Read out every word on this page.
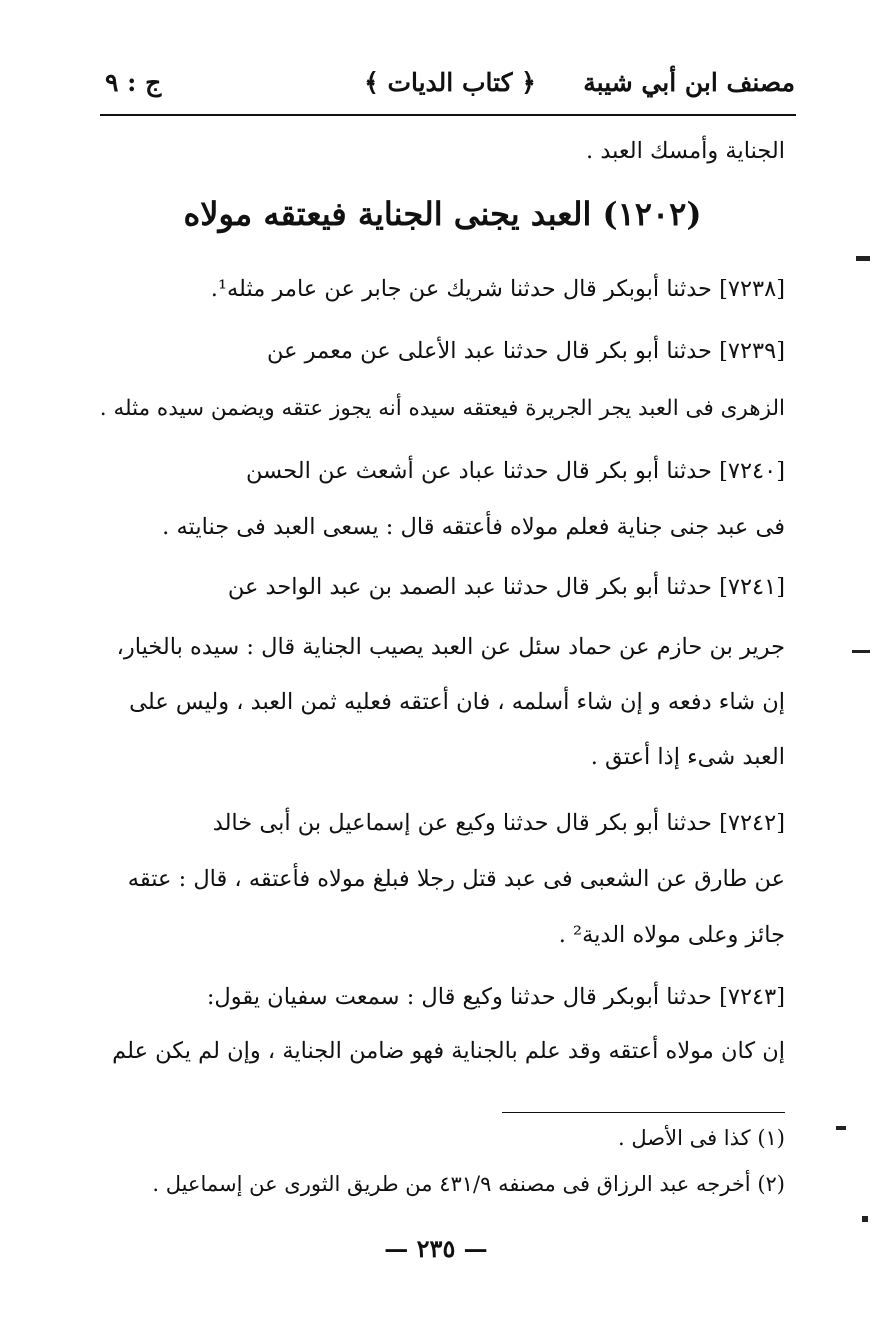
مصنف ابن أبي شيبة
﴿ كتاب الديات ﴾
ج : ٩
الجناية وأمسك العبد .
[٧٢٣٨] حدثنا أبوبكر قال حدثنا شريك عن جابر عن عامر مثله¹.
[٧٢٣٩] حدثنا أبو بكر قال حدثنا عبد الأعلى عن معمر عن
الزهرى فى العبد يجر الجريرة فيعتقه سيده أنه يجوز عتقه ويضمن سيده مثله .
[٧٢٤٠] حدثنا أبو بكر قال حدثنا عباد عن أشعث عن الحسن
فى عبد جنى جناية فعلم مولاه فأعتقه قال : يسعى العبد فى جنايته .
[٧٢٤١] حدثنا أبو بكر قال حدثنا عبد الصمد بن عبد الواحد عن
جرير بن حازم عن حماد سئل عن العبد يصيب الجناية قال : سيده بالخيار،
إن شاء دفعه و إن شاء أسلمه ، فان أعتقه فعليه ثمن العبد ، وليس على
العبد شىء إذا أعتق .
[٧٢٤٢] حدثنا أبو بكر قال حدثنا وكيع عن إسماعيل بن أبى خالد
عن طارق عن الشعبى فى عبد قتل رجلا فبلغ مولاه فأعتقه ، قال : عتقه
جائز وعلى مولاه الدية² .
[٧٢٤٣] حدثنا أبوبكر قال حدثنا وكيع قال : سمعت سفيان يقول:
إن كان مولاه أعتقه وقد علم بالجناية فهو ضامن الجناية ، وإن لم يكن علم
(١٢٠٢) العبد يجنى الجناية فيعتقه مولاه
(١) كذا فى الأصل .
(٢) أخرجه عبد الرزاق فى مصنفه ٤٣١/٩ من طريق الثورى عن إسماعيل .
— ٢٣٥ —
